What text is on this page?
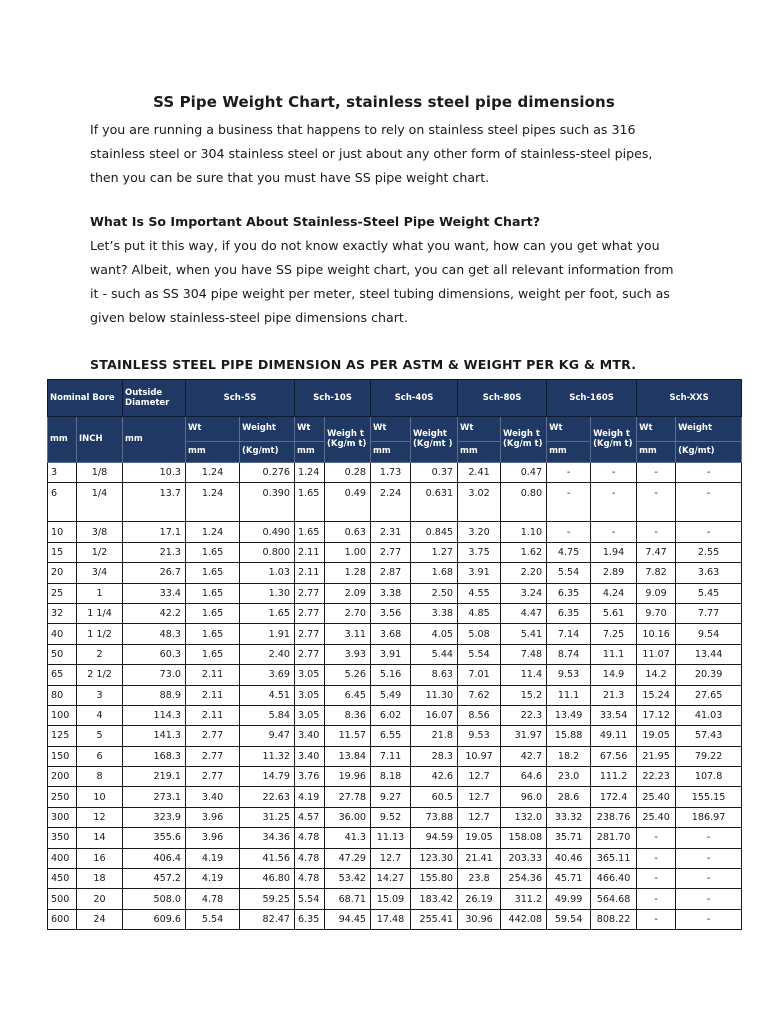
SS Pipe Weight Chart, stainless steel pipe dimensions
If you are running a business that happens to rely on stainless steel pipes such as 316
stainless steel or 304 stainless steel or just about any other form of stainless-steel pipes,
then you can be sure that you must have SS pipe weight chart.
What Is So Important About Stainless-Steel Pipe Weight Chart?
Let’s put it this way, if you do not know exactly what you want, how can you get what you
want? Albeit, when you have SS pipe weight chart, you can get all relevant information from
it - such as SS 304 pipe weight per meter, steel tubing dimensions, weight per foot, such as
given below stainless-steel pipe dimensions chart.
STAINLESS STEEL PIPE DIMENSION AS PER ASTM & WEIGHT PER KG & MTR.
Nominal Bore		Outside Diameter	Sch-5S		Sch-10S		Sch-40S		Sch-80S		Sch-160S		Sch-XXS	
mm	INCH	mm	Wt	Weight	Wt	Weigh t (Kg/m t)	Wt	Weight (Kg/mt )	Wt	Weigh t (Kg/m t)	Wt	Weigh t (Kg/m t)	Wt	Weight
			mm	(Kg/mt)	mm		mm		mm		mm		mm	(Kg/mt)
3	1/8	10.3	1.24	0.276	1.24	0.28	1.73	0.37	2.41	0.47	-	-	-	-
6	1/4	13.7	1.24	0.390	1.65	0.49	2.24	0.631	3.02	0.80	-	-	-	-
10	3/8	17.1	1.24	0.490	1.65	0.63	2.31	0.845	3.20	1.10	-	-	-	-
15	1/2	21.3	1.65	0.800	2.11	1.00	2.77	1.27	3.75	1.62	4.75	1.94	7.47	2.55
20	3/4	26.7	1.65	1.03	2.11	1.28	2.87	1.68	3.91	2.20	5.54	2.89	7.82	3.63
25	1	33.4	1.65	1.30	2.77	2.09	3.38	2.50	4.55	3.24	6.35	4.24	9.09	5.45
32	1 1/4	42.2	1.65	1.65	2.77	2.70	3.56	3.38	4.85	4.47	6.35	5.61	9.70	7.77
40	1 1/2	48.3	1.65	1.91	2.77	3.11	3.68	4.05	5.08	5.41	7.14	7.25	10.16	9.54
50	2	60.3	1.65	2.40	2.77	3.93	3.91	5.44	5.54	7.48	8.74	11.1	11.07	13.44
65	2 1/2	73.0	2.11	3.69	3.05	5.26	5.16	8.63	7.01	11.4	9.53	14.9	14.2	20.39
80	3	88.9	2.11	4.51	3.05	6.45	5.49	11.30	7.62	15.2	11.1	21.3	15.24	27.65
100	4	114.3	2.11	5.84	3.05	8.36	6.02	16.07	8.56	22.3	13.49	33.54	17.12	41.03
125	5	141.3	2.77	9.47	3.40	11.57	6.55	21.8	9.53	31.97	15.88	49.11	19.05	57.43
150	6	168.3	2.77	11.32	3.40	13.84	7.11	28.3	10.97	42.7	18.2	67.56	21.95	79.22
200	8	219.1	2.77	14.79	3.76	19.96	8.18	42.6	12.7	64.6	23.0	111.2	22.23	107.8
250	10	273.1	3.40	22.63	4.19	27.78	9.27	60.5	12.7	96.0	28.6	172.4	25.40	155.15
300	12	323.9	3.96	31.25	4.57	36.00	9.52	73.88	12.7	132.0	33.32	238.76	25.40	186.97
350	14	355.6	3.96	34.36	4.78	41.3	11.13	94.59	19.05	158.08	35.71	281.70	-	-
400	16	406.4	4.19	41.56	4.78	47.29	12.7	123.30	21.41	203.33	40.46	365.11	-	-
450	18	457.2	4.19	46.80	4.78	53.42	14.27	155.80	23.8	254.36	45.71	466.40	-	-
500	20	508.0	4.78	59.25	5.54	68.71	15.09	183.42	26.19	311.2	49.99	564.68	-	-
600	24	609.6	5.54	82.47	6.35	94.45	17.48	255.41	30.96	442.08	59.54	808.22	-	-
